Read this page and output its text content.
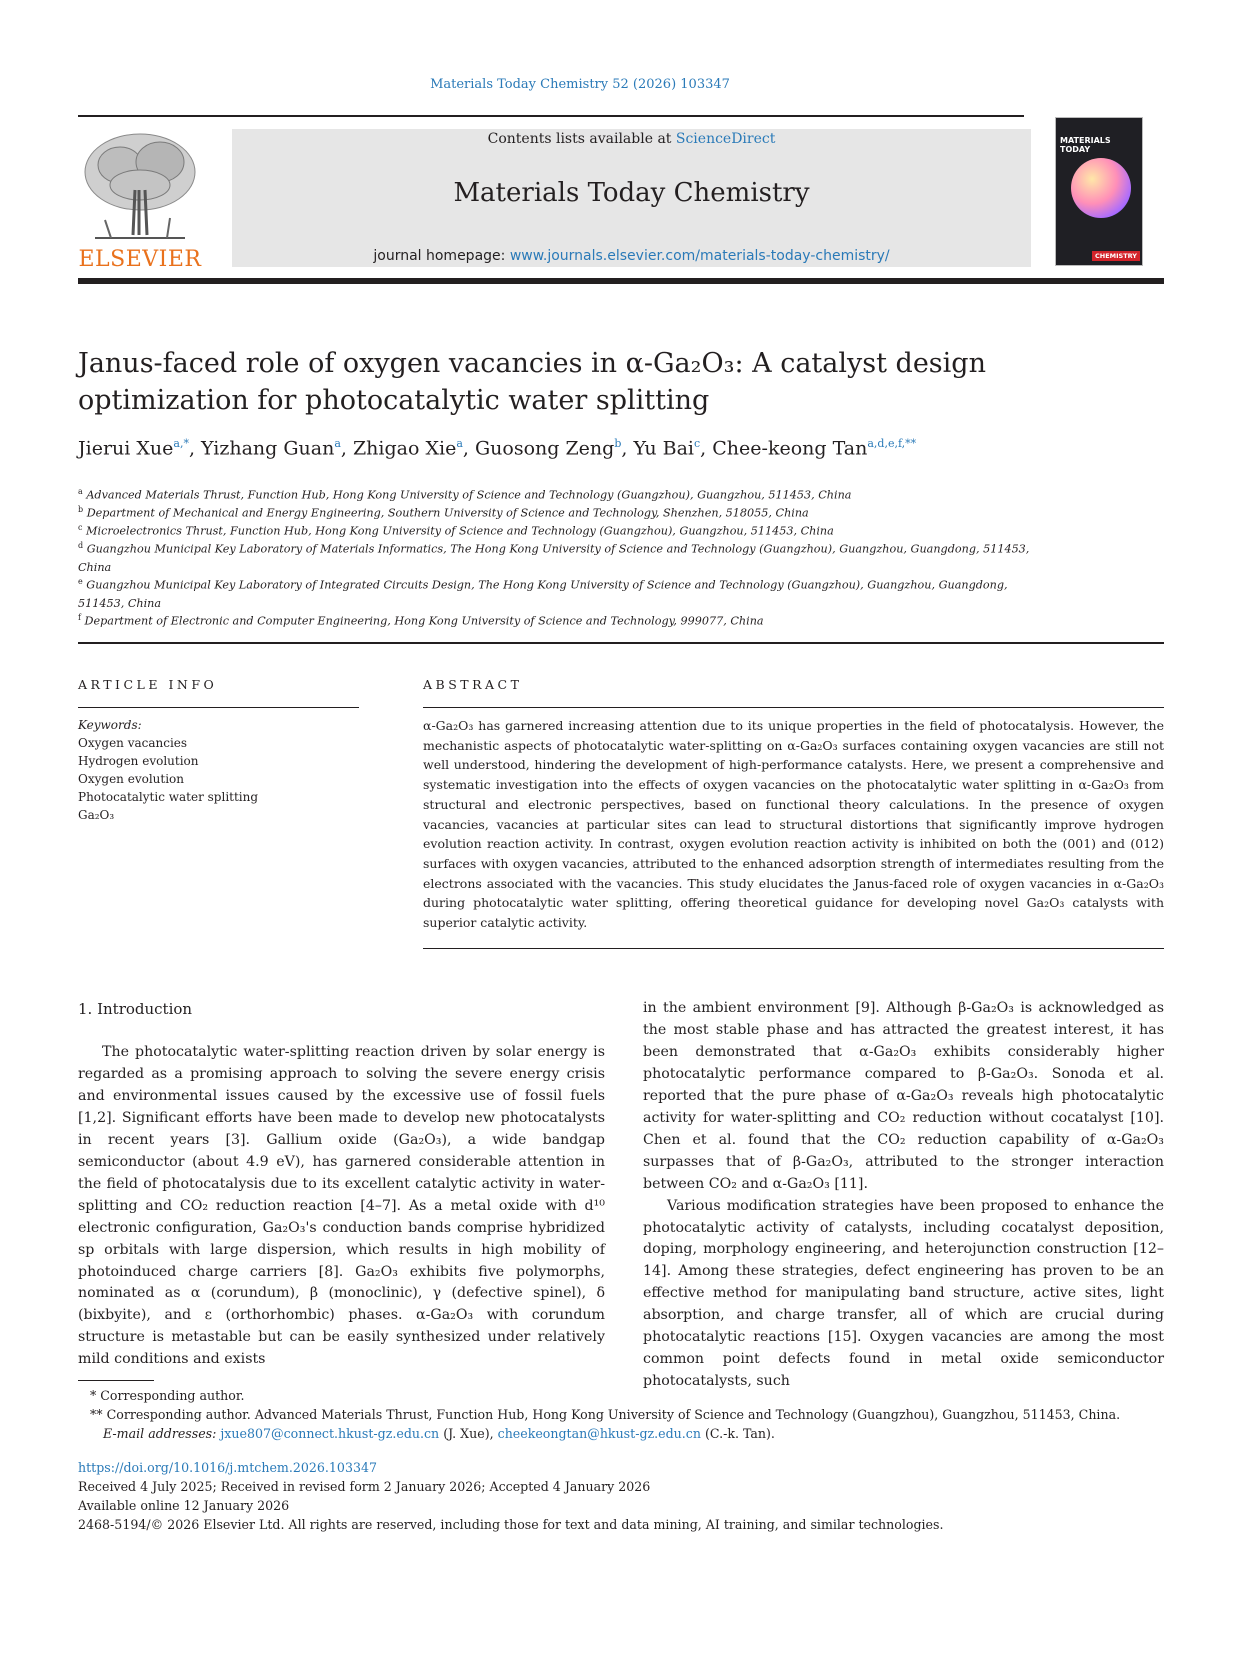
Materials Today Chemistry 52 (2026) 103347
ELSEVIER
Contents lists available at ScienceDirect
Materials Today Chemistry
journal homepage: www.journals.elsevier.com/materials-today-chemistry/
MATERIALS
TODAY
CHEMISTRY
Janus-faced role of oxygen vacancies in α-Ga₂O₃: A catalyst design
optimization for photocatalytic water splitting
Jierui Xue$^{a,*}$, Yizhang Guan$^a$, Zhigao Xie$^a$, Guosong Zeng$^b$, Yu Bai$^c$, Chee-keong Tan$^{a,d,e,f,**}$
$^a$ Advanced Materials Thrust, Function Hub, Hong Kong University of Science and Technology (Guangzhou), Guangzhou, 511453, China
$^b$ Department of Mechanical and Energy Engineering, Southern University of Science and Technology, Shenzhen, 518055, China
$^c$ Microelectronics Thrust, Function Hub, Hong Kong University of Science and Technology (Guangzhou), Guangzhou, 511453, China
$^d$ Guangzhou Municipal Key Laboratory of Materials Informatics, The Hong Kong University of Science and Technology (Guangzhou), Guangzhou, Guangdong, 511453, China
$^e$ Guangzhou Municipal Key Laboratory of Integrated Circuits Design, The Hong Kong University of Science and Technology (Guangzhou), Guangzhou, Guangdong, 511453, China
$^f$ Department of Electronic and Computer Engineering, Hong Kong University of Science and Technology, 999077, China
ARTICLE INFO
Keywords:
Oxygen vacancies
Hydrogen evolution
Oxygen evolution
Photocatalytic water splitting
Ga₂O₃
ABSTRACT
α-Ga₂O₃ has garnered increasing attention due to its unique properties in the field of photocatalysis. However, the mechanistic aspects of photocatalytic water-splitting on α-Ga₂O₃ surfaces containing oxygen vacancies are still not well understood, hindering the development of high-performance catalysts. Here, we present a comprehensive and systematic investigation into the effects of oxygen vacancies on the photocatalytic water splitting in α-Ga₂O₃ from structural and electronic perspectives, based on functional theory calculations. In the presence of oxygen vacancies, vacancies at particular sites can lead to structural distortions that significantly improve hydrogen evolution reaction activity. In contrast, oxygen evolution reaction activity is inhibited on both the (001) and (012) surfaces with oxygen vacancies, attributed to the enhanced adsorption strength of intermediates resulting from the electrons associated with the vacancies. This study elucidates the Janus-faced role of oxygen vacancies in α-Ga₂O₃ during photocatalytic water splitting, offering theoretical guidance for developing novel Ga₂O₃ catalysts with superior catalytic activity.
1. Introduction
The photocatalytic water-splitting reaction driven by solar energy is regarded as a promising approach to solving the severe energy crisis and environmental issues caused by the excessive use of fossil fuels [1,2]. Significant efforts have been made to develop new photocatalysts in recent years [3]. Gallium oxide (Ga₂O₃), a wide bandgap semiconductor (about 4.9 eV), has garnered considerable attention in the field of photocatalysis due to its excellent catalytic activity in water-splitting and CO₂ reduction reaction [4–7]. As a metal oxide with d¹⁰ electronic configuration, Ga₂O₃'s conduction bands comprise hybridized sp orbitals with large dispersion, which results in high mobility of photoinduced charge carriers [8]. Ga₂O₃ exhibits five polymorphs, nominated as α (corundum), β (monoclinic), γ (defective spinel), δ (bixbyite), and ε (orthorhombic) phases. α-Ga₂O₃ with corundum structure is metastable but can be easily synthesized under relatively mild conditions and exists

in the ambient environment [9]. Although β-Ga₂O₃ is acknowledged as the most stable phase and has attracted the greatest interest, it has been demonstrated that α-Ga₂O₃ exhibits considerably higher photocatalytic performance compared to β-Ga₂O₃. Sonoda et al. reported that the pure phase of α-Ga₂O₃ reveals high photocatalytic activity for water-splitting and CO₂ reduction without cocatalyst [10]. Chen et al. found that the CO₂ reduction capability of α-Ga₂O₃ surpasses that of β-Ga₂O₃, attributed to the stronger interaction between CO₂ and α-Ga₂O₃ [11].

Various modification strategies have been proposed to enhance the photocatalytic activity of catalysts, including cocatalyst deposition, doping, morphology engineering, and heterojunction construction [12–14]. Among these strategies, defect engineering has proven to be an effective method for manipulating band structure, active sites, light absorption, and charge transfer, all of which are crucial during photocatalytic reactions [15]. Oxygen vacancies are among the most common point defects found in metal oxide semiconductor photocatalysts, such

* Corresponding author.
** Corresponding author. Advanced Materials Thrust, Function Hub, Hong Kong University of Science and Technology (Guangzhou), Guangzhou, 511453, China.
E-mail addresses: jxue807@connect.hkust-gz.edu.cn (J. Xue), cheekeongtan@hkust-gz.edu.cn (C.-k. Tan).
https://doi.org/10.1016/j.mtchem.2026.103347
Received 4 July 2025; Received in revised form 2 January 2026; Accepted 4 January 2026
Available online 12 January 2026
2468-5194/© 2026 Elsevier Ltd. All rights are reserved, including those for text and data mining, AI training, and similar technologies.
